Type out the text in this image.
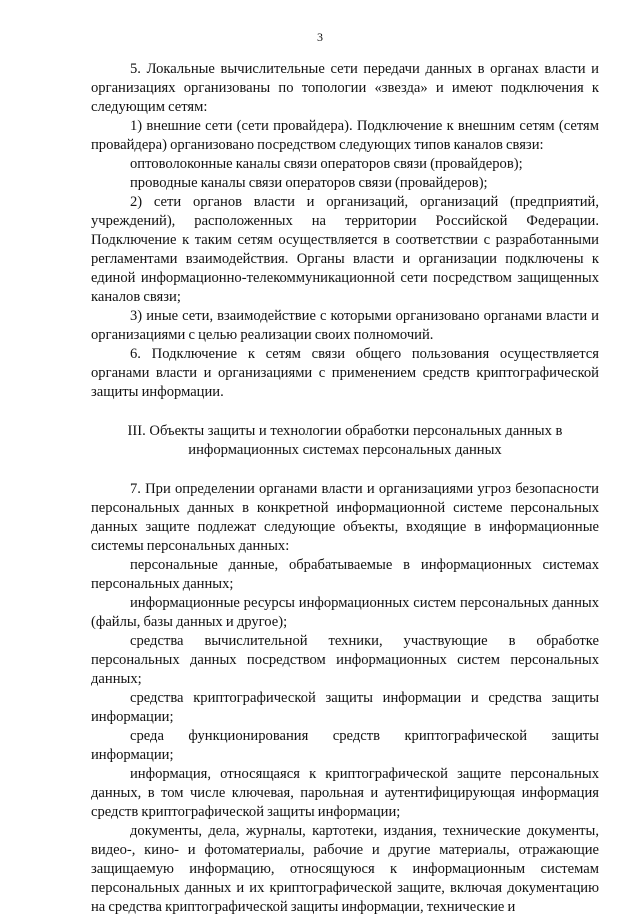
3

5. Локальные вычислительные сети передачи данных в органах власти и организациях организованы по топологии «звезда» и имеют подключения к следующим сетям:

1) внешние сети (сети провайдера). Подключение к внешним сетям (сетям провайдера) организовано посредством следующих типов каналов связи:

оптоволоконные каналы связи операторов связи (провайдеров);

проводные каналы связи операторов связи (провайдеров);

2) сети органов власти и организаций, организаций (предприятий, учреждений), расположенных на территории Российской Федерации. Подключение к таким сетям осуществляется в соответствии с разработанными регламентами взаимодействия. Органы власти и организации подключены к единой информационно-телекоммуникационной сети посредством защищенных каналов связи;

3) иные сети, взаимодействие с которыми организовано органами власти и организациями с целью реализации своих полномочий.

6. Подключение к сетям связи общего пользования осуществляется органами власти и организациями с применением средств криптографической защиты информации.

III. Объекты защиты и технологии обработки персональных данных в
информационных системах персональных данных

7. При определении органами власти и организациями угроз безопасности персональных данных в конкретной информационной системе персональных данных защите подлежат следующие объекты, входящие в информационные системы персональных данных:

персональные данные, обрабатываемые в информационных системах персональных данных;

информационные ресурсы информационных систем персональных данных (файлы, базы данных и другое);

средства вычислительной техники, участвующие в обработке персональных данных посредством информационных систем персональных данных;

средства криптографической защиты информации и средства защиты информации;

среда функционирования средств криптографической защиты информации;

информация, относящаяся к криптографической защите персональных данных, в том числе ключевая, парольная и аутентифицирующая информация средств криптографической защиты информации;

документы, дела, журналы, картотеки, издания, технические документы, видео-, кино- и фотоматериалы, рабочие и другие материалы, отражающие защищаемую информацию, относящуюся к информационным системам персональных данных и их криптографической защите, включая документацию на средства криптографической защиты информации, технические и
